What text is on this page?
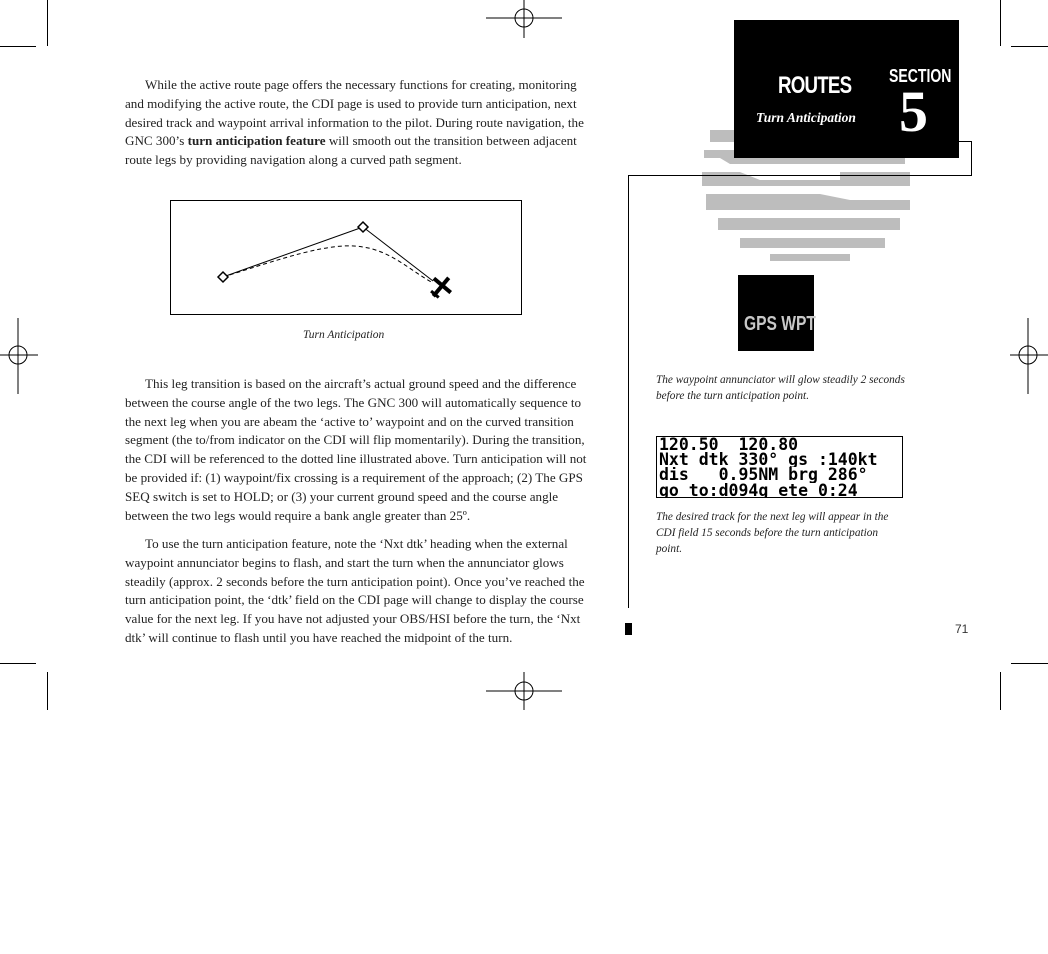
While the active route page offers the necessary functions for creating, monitoring and modifying the active route, the CDI page is used to provide turn anticipation, next desired track and waypoint arrival information to the pilot. During route navigation, the GNC 300’s turn anticipation feature will smooth out the transition between adjacent route legs by providing navigation along a curved path segment.

Turn Anticipation

This leg transition is based on the aircraft’s actual ground speed and the difference between the course angle of the two legs. The GNC 300 will automatically sequence to the next leg when you are abeam the ‘active to’ waypoint and on the curved transition segment (the to/from indicator on the CDI will flip momentarily). During the transition, the CDI will be referenced to the dotted line illustrated above. Turn anticipation will not be provided if: (1) waypoint/fix crossing is a requirement of the approach; (2) The GPS SEQ switch is set to HOLD; or (3) your current ground speed and the course angle between the two legs would require a bank angle greater than 25º.

To use the turn anticipation feature, note the ‘Nxt dtk’ heading when the external waypoint annunciator begins to flash, and start the turn when the annunciator glows steadily (approx. 2 seconds before the turn anticipation point). Once you’ve reached the turn anticipation point, the ‘dtk’ field on the CDI page will change to display the course value for the next leg. If you have not adjusted your OBS/HSI before the turn, the ‘Nxt dtk’ will continue to flash until you have reached the midpoint of the turn.

ROUTES
Turn Anticipation
SECTION
5
GPS WPT
The waypoint annunciator will glow steadily 2 seconds before the turn anticipation point.
120.50  120.80
Nxt dtk 330° gs :140kt
dis   0.95NM brg 286°
go to:d094g ete 0:24
The desired track for the next leg will appear in the CDI field 15 seconds before the turn anticipation point.
71
